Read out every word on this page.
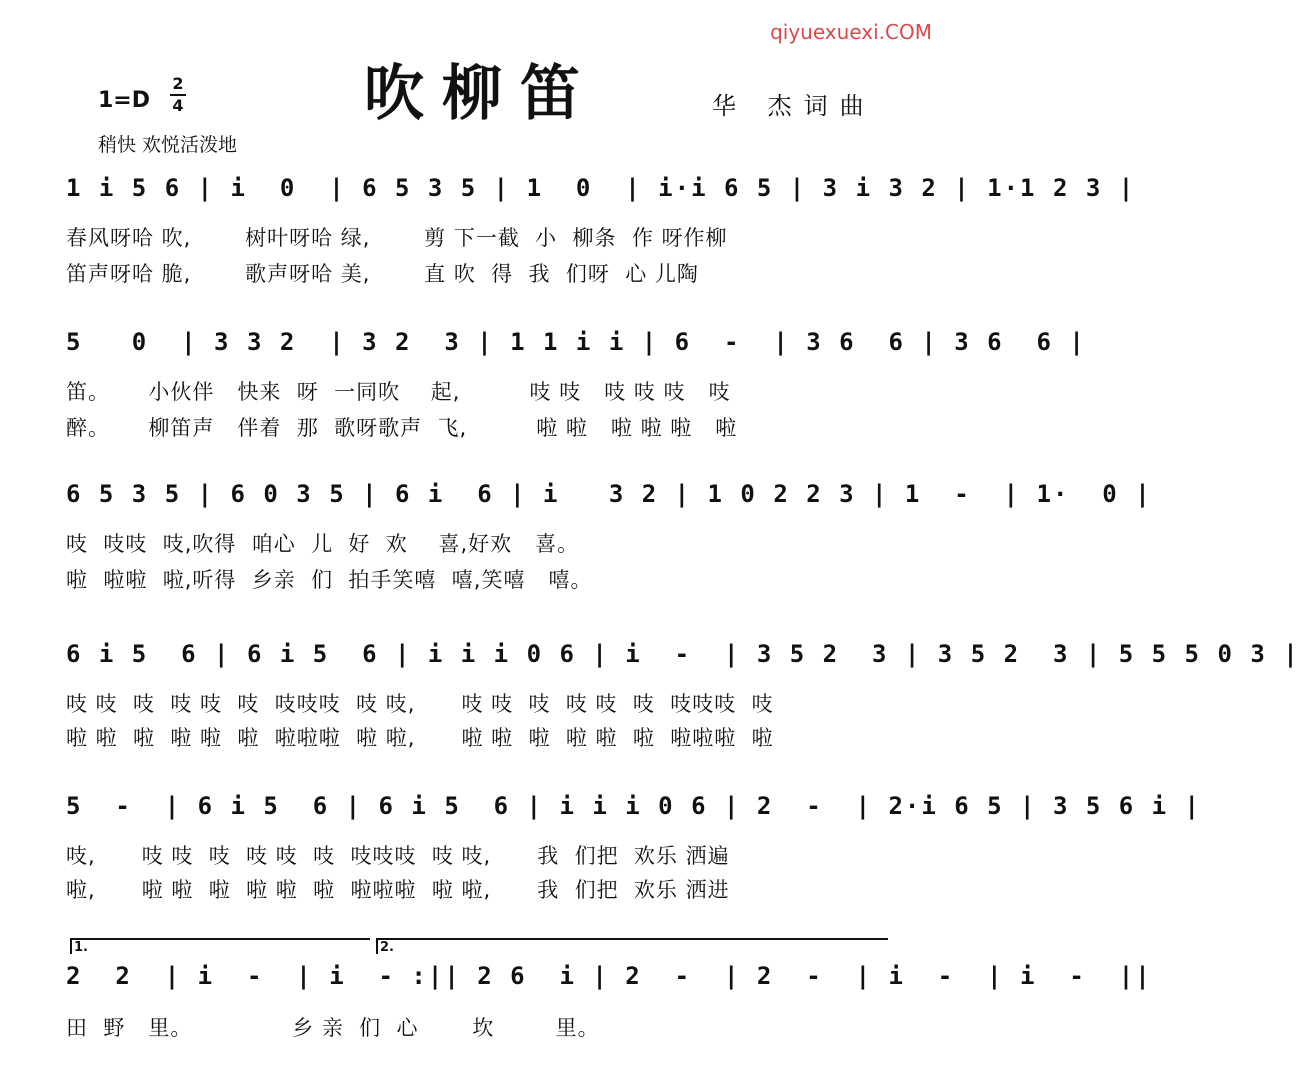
qiyuexuexi.COM
吹柳笛
1=D
2
4	华 杰词曲
稍快 欢悦活泼地
1 i 5 6 | i  0  | 6 5 3 5 | 1  0  | i·i 6 5 | 3 i 3 2 | 1·1 2 3 |
春风呀哈 吹,       树叶呀哈 绿,       剪 下一截  小  柳条  作 呀作柳
笛声呀哈 脆,       歌声呀哈 美,       直 吹  得  我  们呀  心 儿陶
5   0  | 3 3 2  | 3 2  3 | 1 1 i i | 6  -  | 3 6  6 | 3 6  6 |
笛。     小伙伴   快来  呀  一同吹    起,         吱 吱   吱 吱 吱   吱
醉。     柳笛声   伴着  那  歌呀歌声  飞,         啦 啦   啦 啦 啦   啦
6 5 3 5 | 6 0 3 5 | 6 i  6 | i   3 2 | 1 0 2 2 3 | 1  -  | 1·  0 |
吱  吱吱  吱,吹得  咱心  儿  好  欢    喜,好欢   喜。
啦  啦啦  啦,听得  乡亲  们  拍手笑嘻  嘻,笑嘻   嘻。
6 i 5  6 | 6 i 5  6 | i i i 0 6 | i  -  | 3 5 2  3 | 3 5 2  3 | 5 5 5 0 3 |
吱 吱  吱  吱 吱  吱  吱吱吱  吱 吱,      吱 吱  吱  吱 吱  吱  吱吱吱  吱
啦 啦  啦  啦 啦  啦  啦啦啦  啦 啦,      啦 啦  啦  啦 啦  啦  啦啦啦  啦
5  -  | 6 i 5  6 | 6 i 5  6 | i i i 0 6 | 2  -  | 2·i 6 5 | 3 5 6 i |
吱,      吱 吱  吱  吱 吱  吱  吱吱吱  吱 吱,      我  们把  欢乐 洒遍
啦,      啦 啦  啦  啦 啦  啦  啦啦啦  啦 啦,      我  们把  欢乐 洒进
1.	2.
2  2  | i  -  | i  - :|| 2 6  i | 2  -  | 2  -  | i  -  | i  -  ||
田  野   里。             乡 亲  们  心       坎        里。
